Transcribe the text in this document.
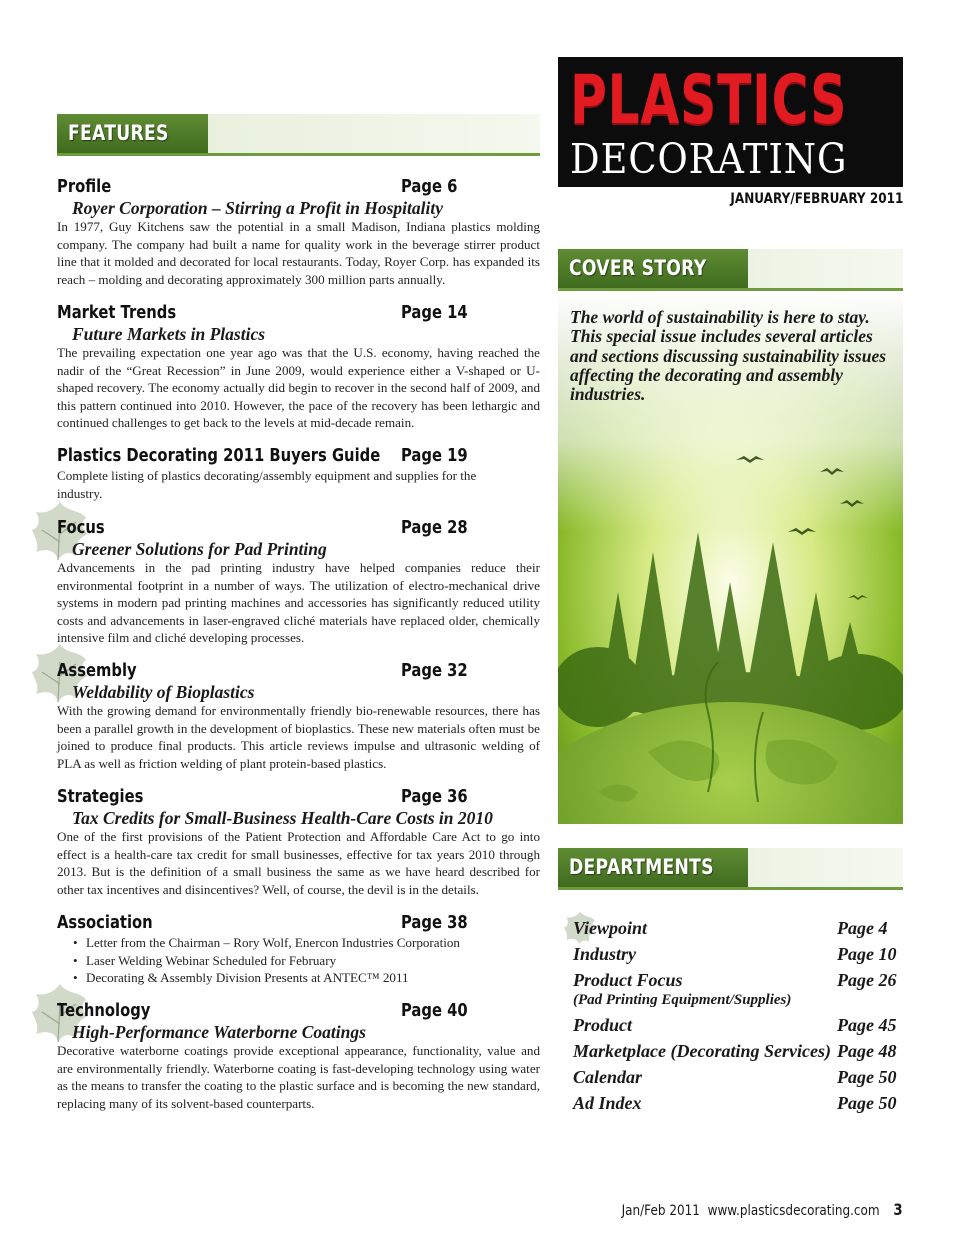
FEATURES
Profile	Page 6
Royer Corporation – Stirring a Profit in Hospitality

In 1977, Guy Kitchens saw the potential in a small Madison, Indiana plastics molding company. The company had built a name for quality work in the beverage stirrer product line that it molded and decorated for local restaurants. Today, Royer Corp. has expanded its reach – molding and decorating approximately 300 million parts annually.

Market Trends	Page 14
Future Markets in Plastics

The prevailing expectation one year ago was that the U.S. economy, having reached the nadir of the “Great Recession” in June 2009, would experience either a V-shaped or U-shaped recovery. The economy actually did begin to recover in the second half of 2009, and this pattern continued into 2010. However, the pace of the recovery has been lethargic and continued challenges to get back to the levels at mid-decade remain.

Plastics Decorating 2011 Buyers Guide Page 19

Complete listing of plastics decorating/assembly equipment and supplies for the industry.

Focus	Page 28
Greener Solutions for Pad Printing

Advancements in the pad printing industry have helped companies reduce their environmental footprint in a number of ways. The utilization of electro-mechanical drive systems in modern pad printing machines and accessories has significantly reduced utility costs and advancements in laser-engraved cliché materials have replaced older, chemically intensive film and cliché developing processes.

Assembly	Page 32
Weldability of Bioplastics

With the growing demand for environmentally friendly bio-renewable resources, there has been a parallel growth in the development of bioplastics. These new materials often must be joined to produce final products. This article reviews impulse and ultrasonic welding of PLA as well as friction welding of plant protein-based plastics.

Strategies	Page 36
Tax Credits for Small-Business Health-Care Costs in 2010

One of the first provisions of the Patient Protection and Affordable Care Act to go into effect is a health-care tax credit for small businesses, effective for tax years 2010 through 2013. But is the definition of a small business the same as we have heard described for other tax incentives and disincentives? Well, of course, the devil is in the details.

Association	Page 38
• Letter from the Chairman – Rory Wolf, Enercon Industries Corporation
• Laser Welding Webinar Scheduled for February
• Decorating & Assembly Division Presents at ANTEC™ 2011
Technology	Page 40
High-Performance Waterborne Coatings

Decorative waterborne coatings provide exceptional appearance, functionality, value and are environmentally friendly. Waterborne coating is fast-developing technology using water as the means to transfer the coating to the plastic surface and is becoming the new standard, replacing many of its solvent-based counterparts.

PLASTICS
DECORATING
JANUARY/FEBRUARY 2011
COVER STORY
The world of sustainability is here to stay. This special issue includes several articles and sections discussing sustainability issues affecting the decorating and assembly industries.
DEPARTMENTS
Viewpoint	Page 4
Industry	Page 10
Product Focus	Page 26
(Pad Printing Equipment/Supplies)
Product	Page 45
Marketplace (Decorating Services) Page 48
Calendar	Page 50
Ad Index	Page 50
Jan/Feb 2011 www.plasticsdecorating.com 3
